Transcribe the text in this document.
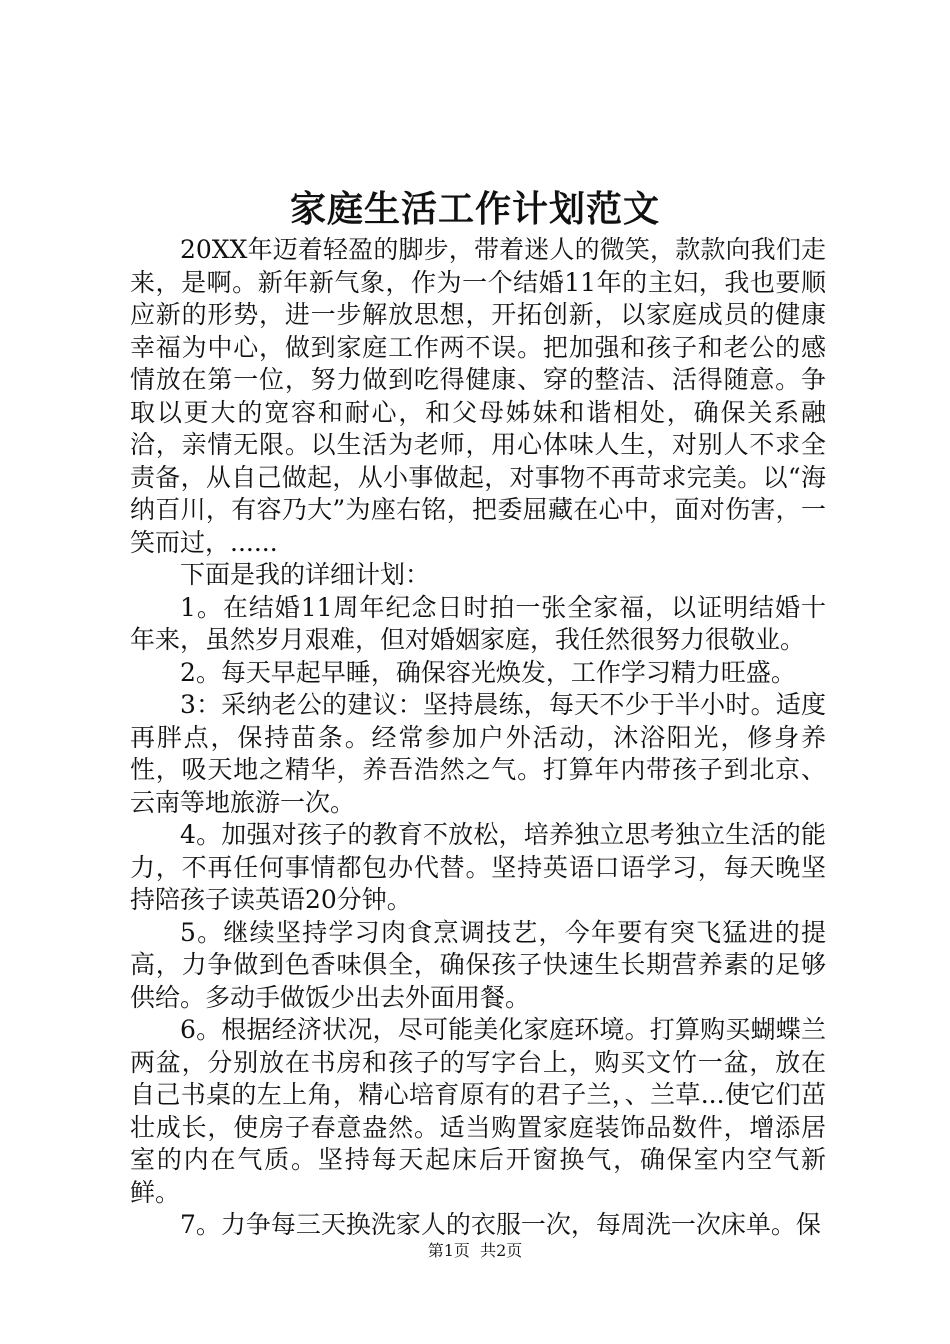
家庭生活工作计划范文

20XX年迈着轻盈的脚步，带着迷人的微笑，款款向我们走来，是啊。新年新气象，作为一个结婚11年的主妇，我也要顺应新的形势，进一步解放思想，开拓创新，以家庭成员的健康幸福为中心，做到家庭工作两不误。把加强和孩子和老公的感情放在第一位，努力做到吃得健康、穿的整洁、活得随意。争取以更大的宽容和耐心，和父母姊妹和谐相处，确保关系融洽，亲情无限。以生活为老师，用心体味人生，对别人不求全责备，从自己做起，从小事做起，对事物不再苛求完美。以“海纳百川，有容乃大”为座右铭，把委屈藏在心中，面对伤害，一笑而过，......

下面是我的详细计划：

1。在结婚11周年纪念日时拍一张全家福，以证明结婚十年来，虽然岁月艰难，但对婚姻家庭，我任然很努力很敬业。

2。每天早起早睡，确保容光焕发，工作学习精力旺盛。

3：采纳老公的建议：坚持晨练，每天不少于半小时。适度再胖点，保持苗条。经常参加户外活动，沐浴阳光，修身养性，吸天地之精华，养吾浩然之气。打算年内带孩子到北京、云南等地旅游一次。

4。加强对孩子的教育不放松，培养独立思考独立生活的能力，不再任何事情都包办代替。坚持英语口语学习，每天晚坚持陪孩子读英语20分钟。

5。继续坚持学习肉食烹调技艺，今年要有突飞猛进的提高，力争做到色香味俱全，确保孩子快速生长期营养素的足够供给。多动手做饭少出去外面用餐。

6。根据经济状况，尽可能美化家庭环境。打算购买蝴蝶兰两盆，分别放在书房和孩子的写字台上，购买文竹一盆，放在自己书桌的左上角，精心培育原有的君子兰，、兰草...使它们茁壮成长，使房子春意盎然。适当购置家庭装饰品数件，增添居室的内在气质。坚持每天起床后开窗换气，确保室内空气新鲜。

7。力争每三天换洗家人的衣服一次，每周洗一次床单。保

第1页 共2页
